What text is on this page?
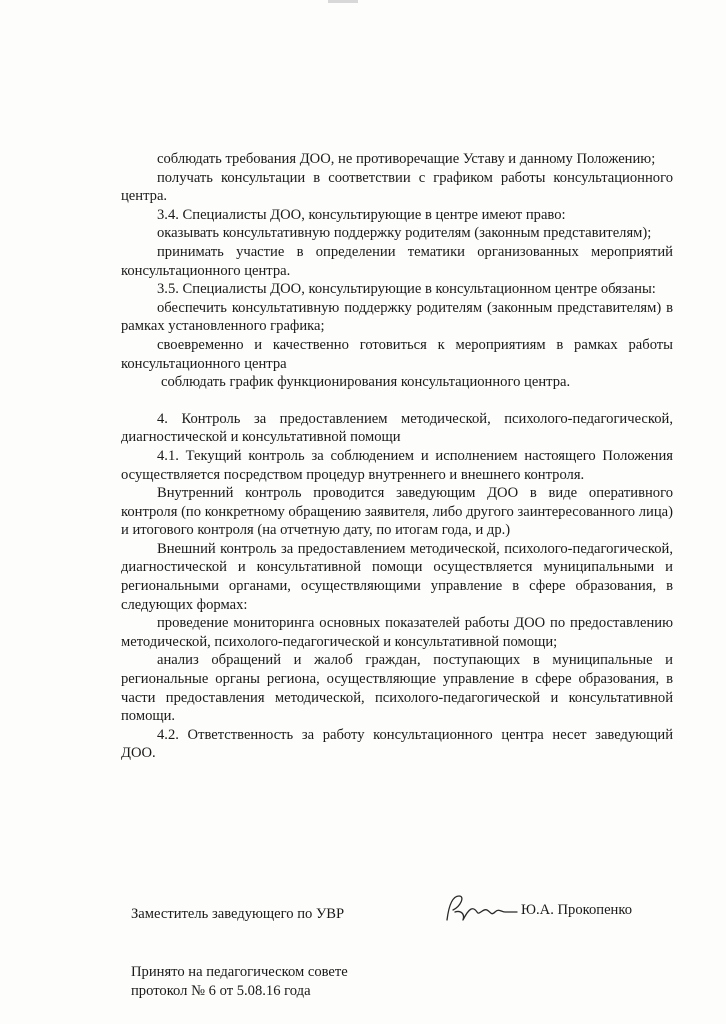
соблюдать требования ДОО, не противоречащие Уставу и данному Положению;

получать консультации в соответствии с графиком работы консультационного центра.

3.4. Специалисты ДОО, консультирующие в центре имеют право:

оказывать консультативную поддержку родителям (законным представителям);

принимать участие в определении тематики организованных мероприятий консультационного центра.

3.5. Специалисты ДОО, консультирующие в консультационном центре обязаны:

обеспечить консультативную поддержку родителям (законным представителям) в рамках установленного графика;

своевременно и качественно готовиться к мероприятиям в рамках работы консультационного центра

соблюдать график функционирования консультационного центра.

4. Контроль за предоставлением методической, психолого-педагогической, диагностической и консультативной помощи

4.1. Текущий контроль за соблюдением и исполнением настоящего Положения осуществляется посредством процедур внутреннего и внешнего контроля.

Внутренний контроль проводится заведующим ДОО в виде оперативного контроля (по конкретному обращению заявителя, либо другого заинтересованного лица) и итогового контроля (на отчетную дату, по итогам года, и др.)

Внешний контроль за предоставлением методической, психолого-педагогической, диагностической и консультативной помощи осуществляется муниципальными и региональными органами, осуществляющими управление в сфере образования, в следующих формах:

проведение мониторинга основных показателей работы ДОО по предоставлению методической, психолого-педагогической и консультативной помощи;

анализ обращений и жалоб граждан, поступающих в муниципальные и региональные органы региона, осуществляющие управление в сфере образования, в части предоставления методической, психолого-педагогической и консультативной помощи.

4.2. Ответственность за работу консультационного центра несет заведующий ДОО.

Заместитель заведующего по УВР	Ю.А. Прокопенко
Принято на педагогическом совете
протокол № 6 от 5.08.16 года
